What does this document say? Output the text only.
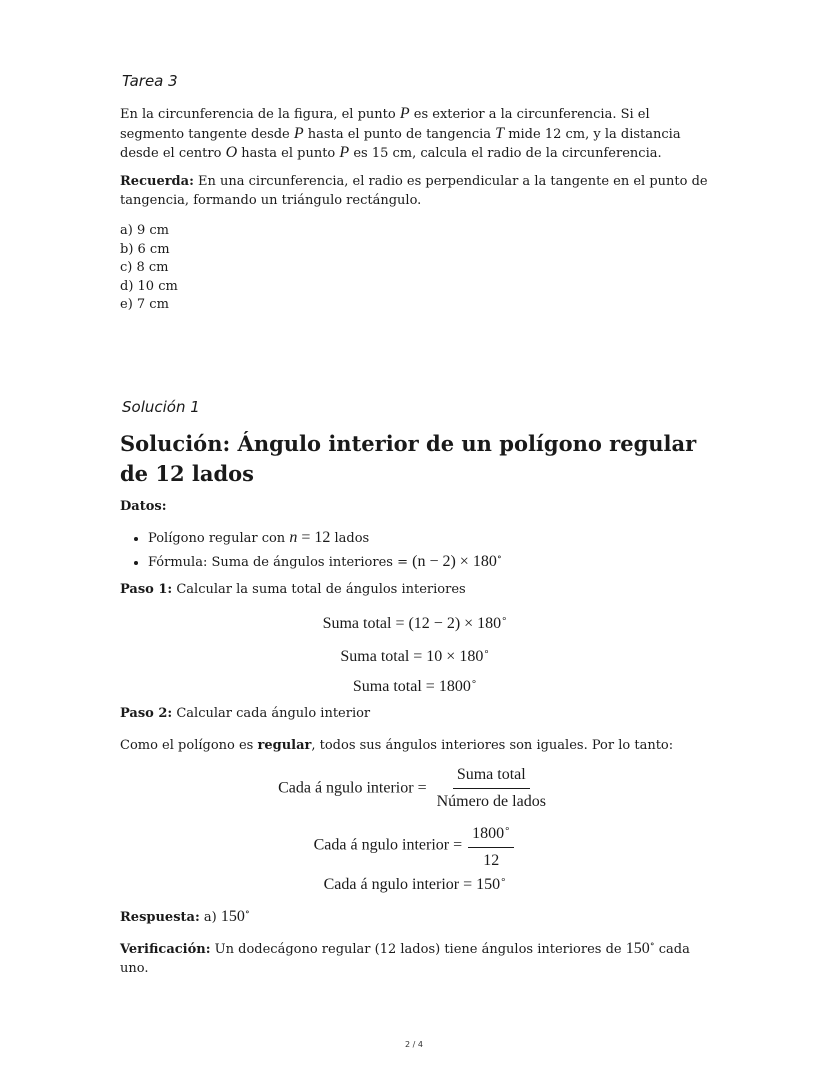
Tarea 3

En la circunferencia de la figura, el punto P es exterior a la circunferencia. Si el segmento tangente desde P hasta el punto de tangencia T mide 12 cm, y la distancia desde el centro O hasta el punto P es 15 cm, calcula el radio de la circunferencia.

Recuerda: En una circunferencia, el radio es perpendicular a la tangente en el punto de tangencia, formando un triángulo rectángulo.

a) 9 cm
b) 6 cm
c) 8 cm
d) 10 cm
e) 7 cm

Solución 1

Solución: Ángulo interior de un polígono regular de 12 lados

Datos:

• Polígono regular con n = 12 lados
• Fórmula: Suma de ángulos interiores = (n − 2) × 180∘

Paso 1: Calcular la suma total de ángulos interiores

Suma total = (12 − 2) × 180∘
Suma total = 10 × 180∘
Suma total = 1800∘

Paso 2: Calcular cada ángulo interior

Como el polígono es regular, todos sus ángulos interiores son iguales. Por lo tanto:

Cada á ngulo interior = $\frac{\text{Suma total}}{\text{Número de lados}}$
Cada á ngulo interior = $\frac{1800^\circ}{12}$
Cada á ngulo interior = 150∘

Respuesta: a) 150∘

Verificación: Un dodecágono regular (12 lados) tiene ángulos interiores de 150∘ cada uno.

2 / 4
